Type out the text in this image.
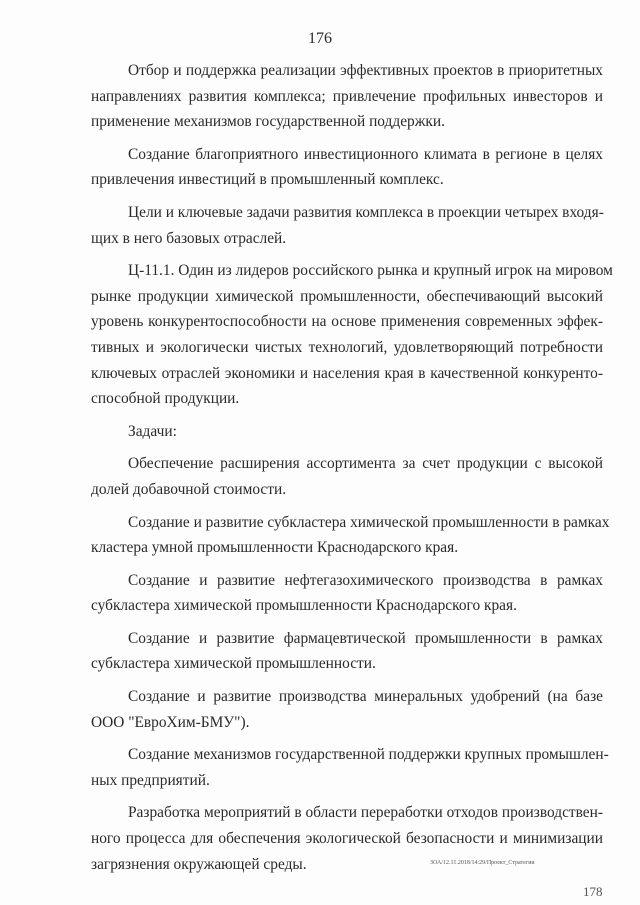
176

Отбор и поддержка реализации эффективных проектов в приоритетных
направлениях развития комплекса; привлечение профильных инвесторов и
применение механизмов государственной поддержки.

Создание благоприятного инвестиционного климата в регионе в целях
привлечения инвестиций в промышленный комплекс.

Цели и ключевые задачи развития комплекса в проекции четырех входя-
щих в него базовых отраслей.

Ц-11.1. Один из лидеров российского рынка и крупный игрок на мировом
рынке продукции химической промышленности, обеспечивающий высокий
уровень конкурентоспособности на основе применения современных эффек-
тивных и экологически чистых технологий, удовлетворяющий потребности
ключевых отраслей экономики и населения края в качественной конкуренто-
способной продукции.

Задачи:

Обеспечение расширения ассортимента за счет продукции с высокой
долей добавочной стоимости.

Создание и развитие субкластера химической промышленности в рамках
кластера умной промышленности Краснодарского края.

Создание и развитие нефтегазохимического производства в рамках
субкластера химической промышленности Краснодарского края.

Создание и развитие фармацевтической промышленности в рамках
субкластера химической промышленности.

Создание и развитие производства минеральных удобрений (на базе
ООО "ЕвроХим-БМУ").

Создание механизмов государственной поддержки крупных промышлен-
ных предприятий.

Разработка мероприятий в области переработки отходов производствен-
ного процесса для обеспечения экологической безопасности и минимизации
загрязнения окружающей среды.	ЗОА/12.11.2018/14:29/Проект_Стратегии
178
